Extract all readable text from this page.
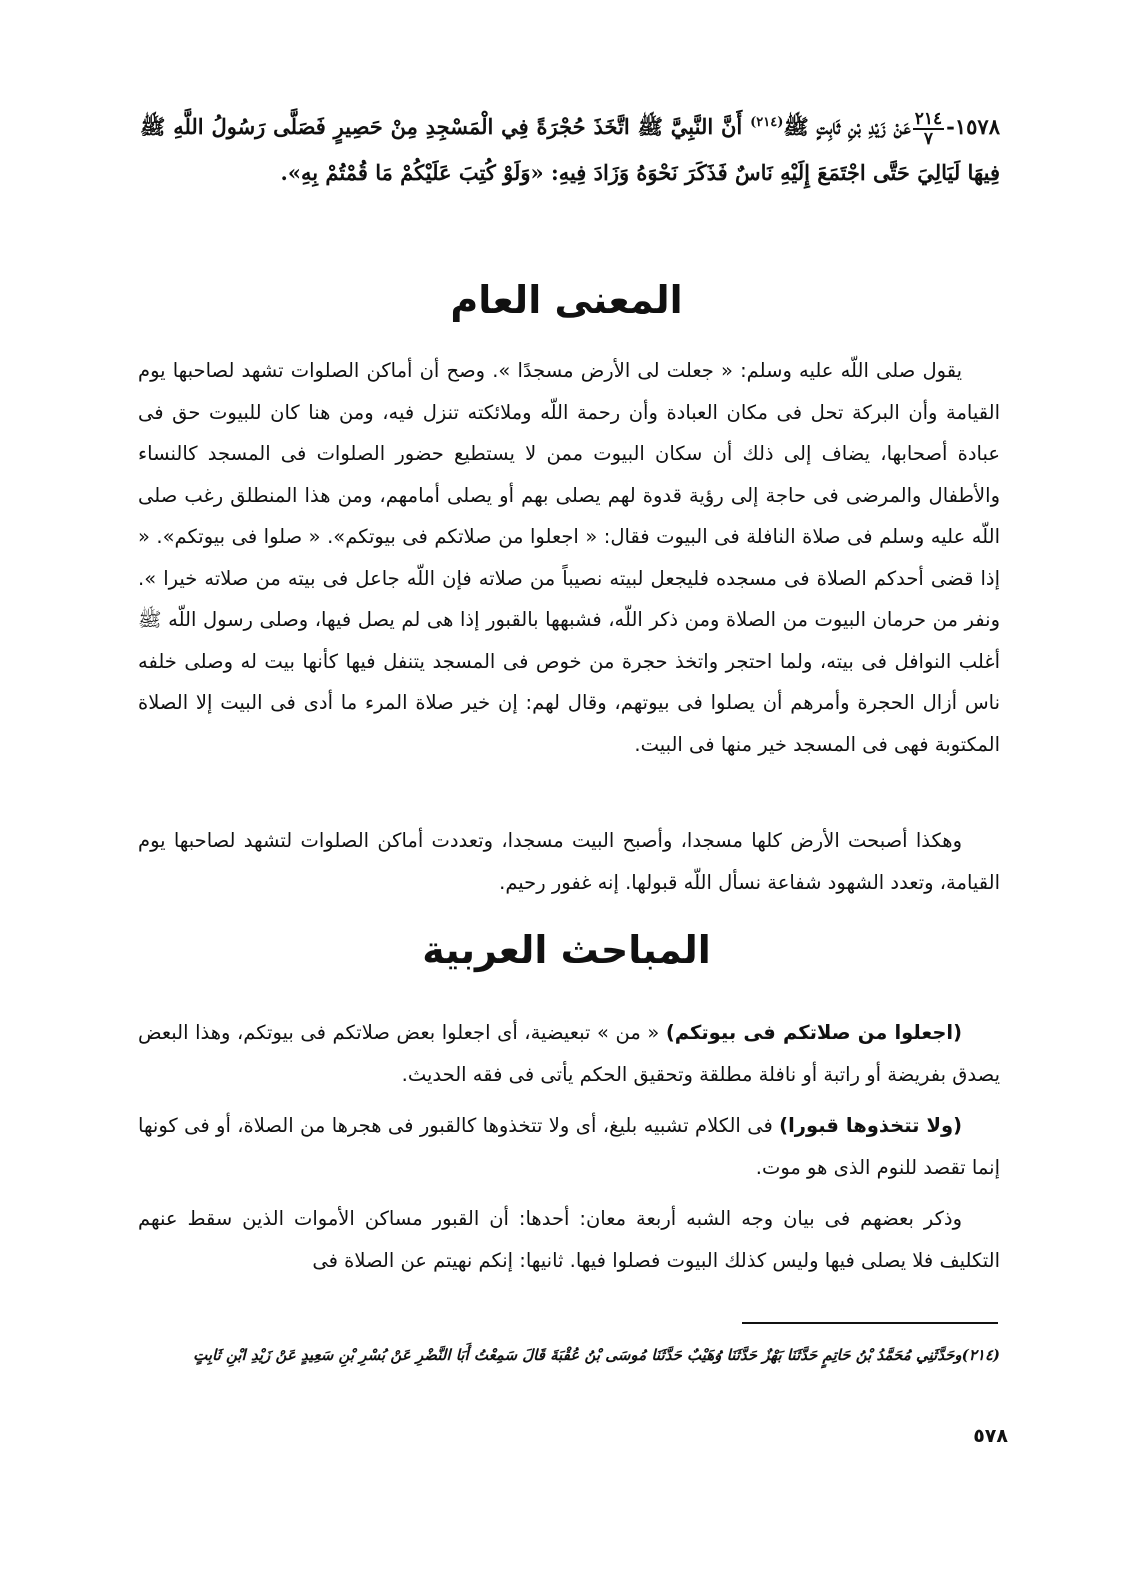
١٥٧٨-
$\frac{٢١٤}{٧}$
عَنْ زَيْدِ بْنِ ثَابِتٍ ﷺ$^{(٢١٤)}$ أَنَّ النَّبِيَّ ﷺ اتَّخَذَ حُجْرَةً فِي الْمَسْجِدِ مِنْ حَصِيرٍ فَصَلَّى رَسُولُ اللَّهِ ﷺ فِيهَا لَيَالِيَ حَتَّى اجْتَمَعَ إِلَيْهِ نَاسٌ فَذَكَرَ نَحْوَهُ وَزَادَ فِيهِ: «وَلَوْ كُتِبَ عَلَيْكُمْ مَا قُمْتُمْ بِهِ».
المعنى العام

يقول صلى اللّه عليه وسلم: « جعلت لى الأرض مسجدًا ». وصح أن أماكن الصلوات تشهد لصاحبها يوم القيامة وأن البركة تحل فى مكان العبادة وأن رحمة اللّه وملائكته تنزل فيه، ومن هنا كان للبيوت حق فى عبادة أصحابها، يضاف إلى ذلك أن سكان البيوت ممن لا يستطيع حضور الصلوات فى المسجد كالنساء والأطفال والمرضى فى حاجة إلى رؤية قدوة لهم يصلى بهم أو يصلى أمامهم، ومن هذا المنطلق رغب صلى اللّه عليه وسلم فى صلاة النافلة فى البيوت فقال: « اجعلوا من صلاتكم فى بيوتكم». « صلوا فى بيوتكم». « إذا قضى أحدكم الصلاة فى مسجده فليجعل لبيته نصيباً من صلاته فإن اللّه جاعل فى بيته من صلاته خيرا ». ونفر من حرمان البيوت من الصلاة ومن ذكر اللّه، فشبهها بالقبور إذا هى لم يصل فيها، وصلى رسول اللّه ﷺ أغلب النوافل فى بيته، ولما احتجر واتخذ حجرة من خوص فى المسجد يتنفل فيها كأنها بيت له وصلى خلفه ناس أزال الحجرة وأمرهم أن يصلوا فى بيوتهم، وقال لهم: إن خير صلاة المرء ما أدى فى البيت إلا الصلاة المكتوبة فهى فى المسجد خير منها فى البيت.

وهكذا أصبحت الأرض كلها مسجدا، وأصبح البيت مسجدا، وتعددت أماكن الصلوات لتشهد لصاحبها يوم القيامة، وتعدد الشهود شفاعة نسأل اللّه قبولها. إنه غفور رحيم.

المباحث العربية

(اجعلوا من صلاتكم فى بيوتكم) « من » تبعيضية، أى اجعلوا بعض صلاتكم فى بيوتكم، وهذا البعض يصدق بفريضة أو راتبة أو نافلة مطلقة وتحقيق الحكم يأتى فى فقه الحديث.

(ولا تتخذوها قبورا) فى الكلام تشبيه بليغ، أى ولا تتخذوها كالقبور فى هجرها من الصلاة، أو فى كونها إنما تقصد للنوم الذى هو موت.

وذكر بعضهم فى بيان وجه الشبه أربعة معان: أحدها: أن القبور مساكن الأموات الذين سقط عنهم التكليف فلا يصلى فيها وليس كذلك البيوت فصلوا فيها. ثانيها: إنكم نهيتم عن الصلاة فى

(٢١٤)وحَدَّثَنِي مُحَمَّدُ بْنُ حَاتِمٍ حَدَّثَنَا بَهْزٌ حَدَّثَنَا وُهَيْبٌ حَدَّثَنَا مُوسَى بْنُ عُقْبَةَ قَالَ سَمِعْتُ أَبَا النَّضْرِ عَنْ بُسْرِ بْنِ سَعِيدٍ عَنْ زَيْدِ ابْنِ ثَابِتٍ
٥٧٨
